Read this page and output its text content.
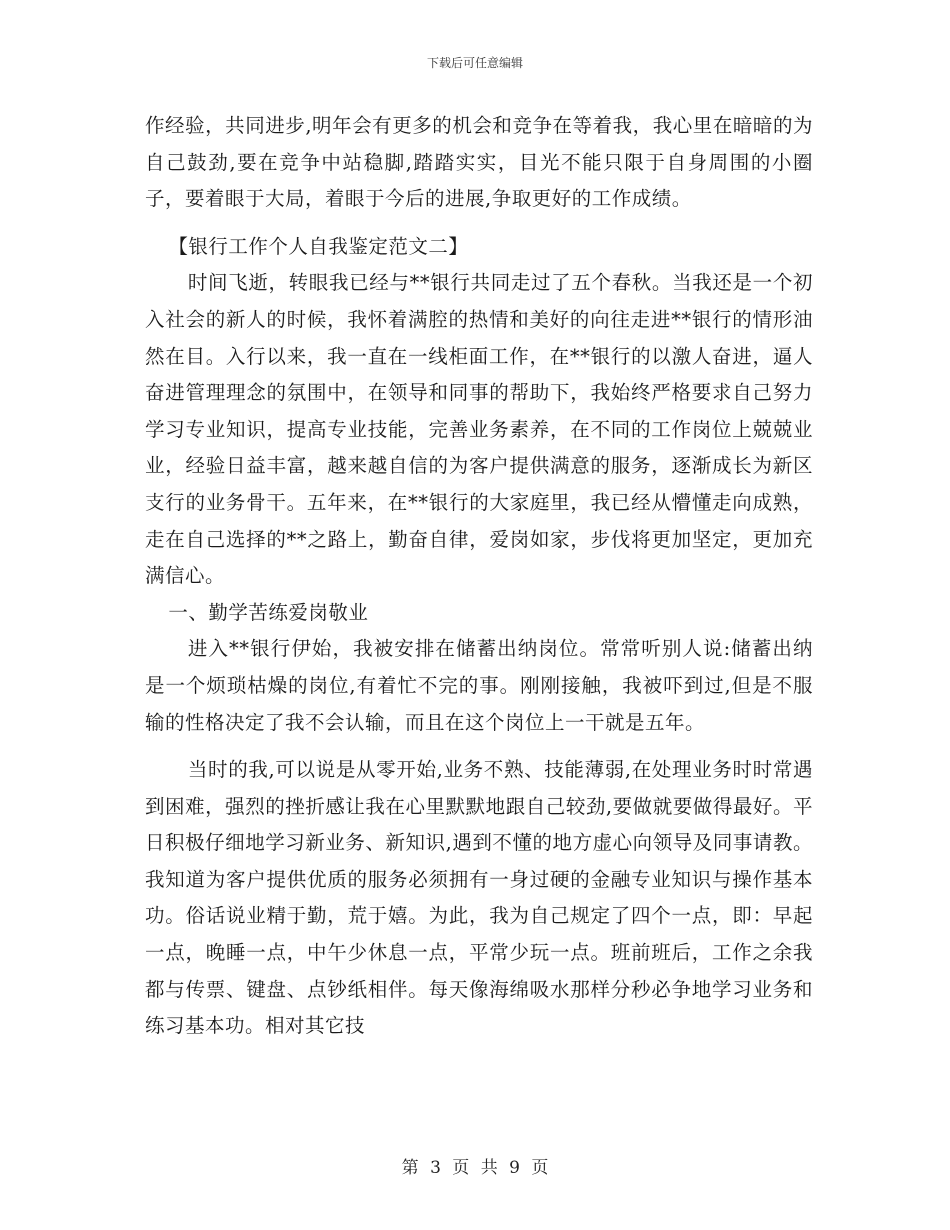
下载后可任意编辑

作经验，共同进步,明年会有更多的机会和竞争在等着我，我心里在暗暗的为自己鼓劲,要在竞争中站稳脚,踏踏实实，目光不能只限于自身周围的小圈子，要着眼于大局，着眼于今后的进展,争取更好的工作成绩。

【银行工作个人自我鉴定范文二】

时间飞逝，转眼我已经与**银行共同走过了五个春秋。当我还是一个初入社会的新人的时候，我怀着满腔的热情和美好的向往走进**银行的情形油然在目。入行以来，我一直在一线柜面工作，在**银行的以激人奋进，逼人奋进管理理念的氛围中，在领导和同事的帮助下，我始终严格要求自己努力学习专业知识，提高专业技能，完善业务素养，在不同的工作岗位上兢兢业业，经验日益丰富，越来越自信的为客户提供满意的服务，逐渐成长为新区支行的业务骨干。五年来，在**银行的大家庭里，我已经从懵懂走向成熟，走在自己选择的**之路上，勤奋自律，爱岗如家，步伐将更加坚定，更加充满信心。

一、勤学苦练爱岗敬业

进入**银行伊始，我被安排在储蓄出纳岗位。常常听别人说:储蓄出纳是一个烦琐枯燥的岗位,有着忙不完的事。刚刚接触，我被吓到过,但是不服输的性格决定了我不会认输，而且在这个岗位上一干就是五年。

当时的我,可以说是从零开始,业务不熟、技能薄弱,在处理业务时时常遇到困难，强烈的挫折感让我在心里默默地跟自己较劲,要做就要做得最好。平日积极仔细地学习新业务、新知识,遇到不懂的地方虚心向领导及同事请教。我知道为客户提供优质的服务必须拥有一身过硬的金融专业知识与操作基本功。俗话说业精于勤，荒于嬉。为此，我为自己规定了四个一点，即：早起一点，晚睡一点，中午少休息一点，平常少玩一点。班前班后，工作之余我都与传票、键盘、点钞纸相伴。每天像海绵吸水那样分秒必争地学习业务和练习基本功。相对其它技

第 3 页 共 9 页
